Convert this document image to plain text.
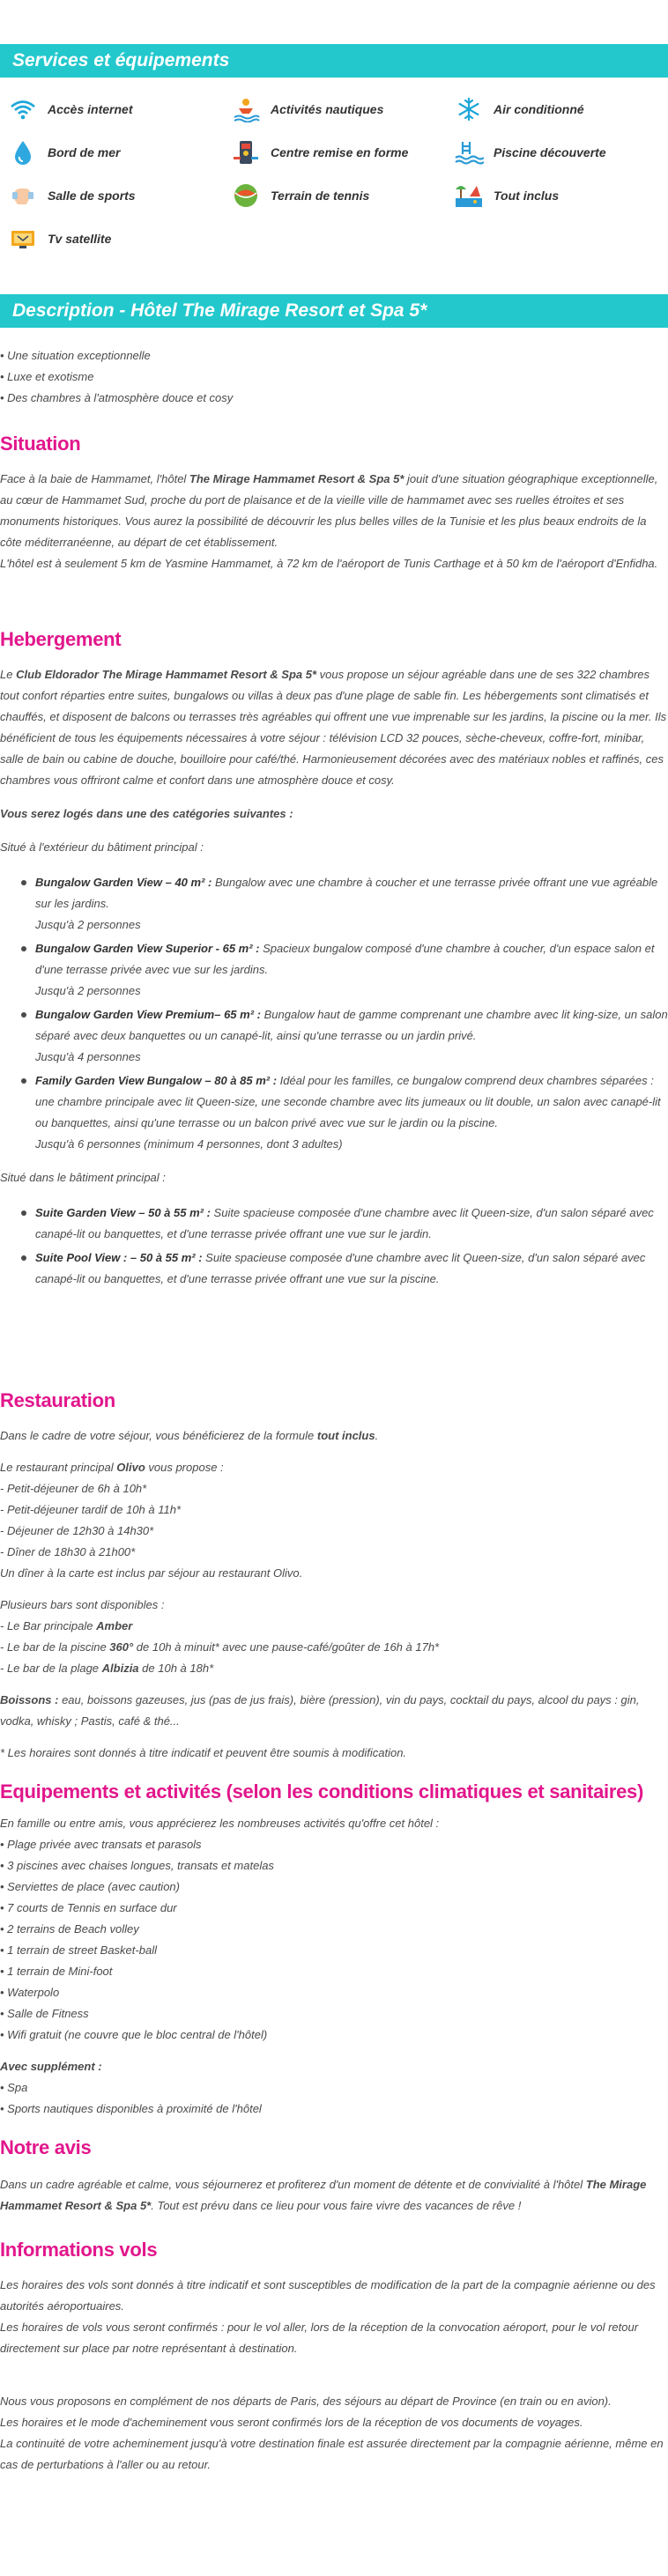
Services et équipements
Accès internet	Activités nautiques	Air conditionné
Bord de mer	Centre remise en forme	Piscine découverte
Salle de sports	Terrain de tennis	Tout inclus
Tv satellite
Description - Hôtel The Mirage Resort et Spa 5*
• Une situation exceptionnelle
• Luxe et exotisme
• Des chambres à l'atmosphère douce et cosy
Situation

Face à la baie de Hammamet, l'hôtel The Mirage Hammamet Resort & Spa 5* jouit d'une situation géographique exceptionnelle, au cœur de Hammamet Sud, proche du port de plaisance et de la vieille ville de hammamet avec ses ruelles étroites et ses monuments historiques. Vous aurez la possibilité de découvrir les plus belles villes de la Tunisie et les plus beaux endroits de la côte méditerranéenne, au départ de cet établissement.
L'hôtel est à seulement 5 km de Yasmine Hammamet, à 72 km de l'aéroport de Tunis Carthage et à 50 km de l'aéroport d'Enfidha.

Hebergement

Le Club Eldorador The Mirage Hammamet Resort & Spa 5* vous propose un séjour agréable dans une de ses 322 chambres tout confort réparties entre suites, bungalows ou villas à deux pas d'une plage de sable fin. Les hébergements sont climatisés et chauffés, et disposent de balcons ou terrasses très agréables qui offrent une vue imprenable sur les jardins, la piscine ou la mer. Ils bénéficient de tous les équipements nécessaires à votre séjour : télévision LCD 32 pouces, sèche-cheveux, coffre-fort, minibar, salle de bain ou cabine de douche, bouilloire pour café/thé. Harmonieusement décorées avec des matériaux nobles et raffinés, ces chambres vous offriront calme et confort dans une atmosphère douce et cosy.

Vous serez logés dans une des catégories suivantes :

Situé à l'extérieur du bâtiment principal :

Bungalow Garden View – 40 m² : Bungalow avec une chambre à coucher et une terrasse privée offrant une vue agréable sur les jardins.
Jusqu'à 2 personnes
Bungalow Garden View Superior - 65 m² : Spacieux bungalow composé d'une chambre à coucher, d'un espace salon et d'une terrasse privée avec vue sur les jardins.
Jusqu'à 2 personnes
Bungalow Garden View Premium– 65 m² : Bungalow haut de gamme comprenant une chambre avec lit king-size, un salon séparé avec deux banquettes ou un canapé-lit, ainsi qu'une terrasse ou un jardin privé.
Jusqu'à 4 personnes
Family Garden View Bungalow – 80 à 85 m² : Idéal pour les familles, ce bungalow comprend deux chambres séparées : une chambre principale avec lit Queen-size, une seconde chambre avec lits jumeaux ou lit double, un salon avec canapé-lit ou banquettes, ainsi qu'une terrasse ou un balcon privé avec vue sur le jardin ou la piscine.
Jusqu'à 6 personnes (minimum 4 personnes, dont 3 adultes)

Situé dans le bâtiment principal :

Suite Garden View – 50 à 55 m² : Suite spacieuse composée d'une chambre avec lit Queen-size, d'un salon séparé avec canapé-lit ou banquettes, et d'une terrasse privée offrant une vue sur le jardin.
Suite Pool View : – 50 à 55 m² : Suite spacieuse composée d'une chambre avec lit Queen-size, d'un salon séparé avec canapé-lit ou banquettes, et d'une terrasse privée offrant une vue sur la piscine.
Restauration

Dans le cadre de votre séjour, vous bénéficierez de la formule tout inclus.

Le restaurant principal Olivo vous propose :
- Petit-déjeuner de 6h à 10h*
- Petit-déjeuner tardif de 10h à 11h*
- Déjeuner de 12h30 à 14h30*
- Dîner de 18h30 à 21h00*
Un dîner à la carte est inclus par séjour au restaurant Olivo.

Plusieurs bars sont disponibles :
- Le Bar principale Amber
- Le bar de la piscine 360° de 10h à minuit* avec une pause-café/goûter de 16h à 17h*
- Le bar de la plage Albizia de 10h à 18h*

Boissons : eau, boissons gazeuses, jus (pas de jus frais), bière (pression), vin du pays, cocktail du pays, alcool du pays : gin, vodka, whisky ; Pastis, café & thé...

* Les horaires sont donnés à titre indicatif et peuvent être soumis à modification.

Equipements et activités (selon les conditions climatiques et sanitaires)

En famille ou entre amis, vous apprécierez les nombreuses activités qu'offre cet hôtel :
• Plage privée avec transats et parasols
• 3 piscines avec chaises longues, transats et matelas
• Serviettes de place (avec caution)
• 7 courts de Tennis en surface dur
• 2 terrains de Beach volley
• 1 terrain de street Basket-ball
• 1 terrain de Mini-foot
• Waterpolo
• Salle de Fitness
• Wifi gratuit (ne couvre que le bloc central de l'hôtel)

Avec supplément :
• Spa
• Sports nautiques disponibles à proximité de l'hôtel

Notre avis

Dans un cadre agréable et calme, vous séjournerez et profiterez d'un moment de détente et de convivialité à l'hôtel The Mirage Hammamet Resort & Spa 5*. Tout est prévu dans ce lieu pour vous faire vivre des vacances de rêve !

Informations vols

Les horaires des vols sont donnés à titre indicatif et sont susceptibles de modification de la part de la compagnie aérienne ou des autorités aéroportuaires.
Les horaires de vols vous seront confirmés : pour le vol aller, lors de la réception de la convocation aéroport, pour le vol retour directement sur place par notre représentant à destination.

Nous vous proposons en complément de nos départs de Paris, des séjours au départ de Province (en train ou en avion).
Les horaires et le mode d'acheminement vous seront confirmés lors de la réception de vos documents de voyages.
La continuité de votre acheminement jusqu'à votre destination finale est assurée directement par la compagnie aérienne, même en cas de perturbations à l'aller ou au retour.
